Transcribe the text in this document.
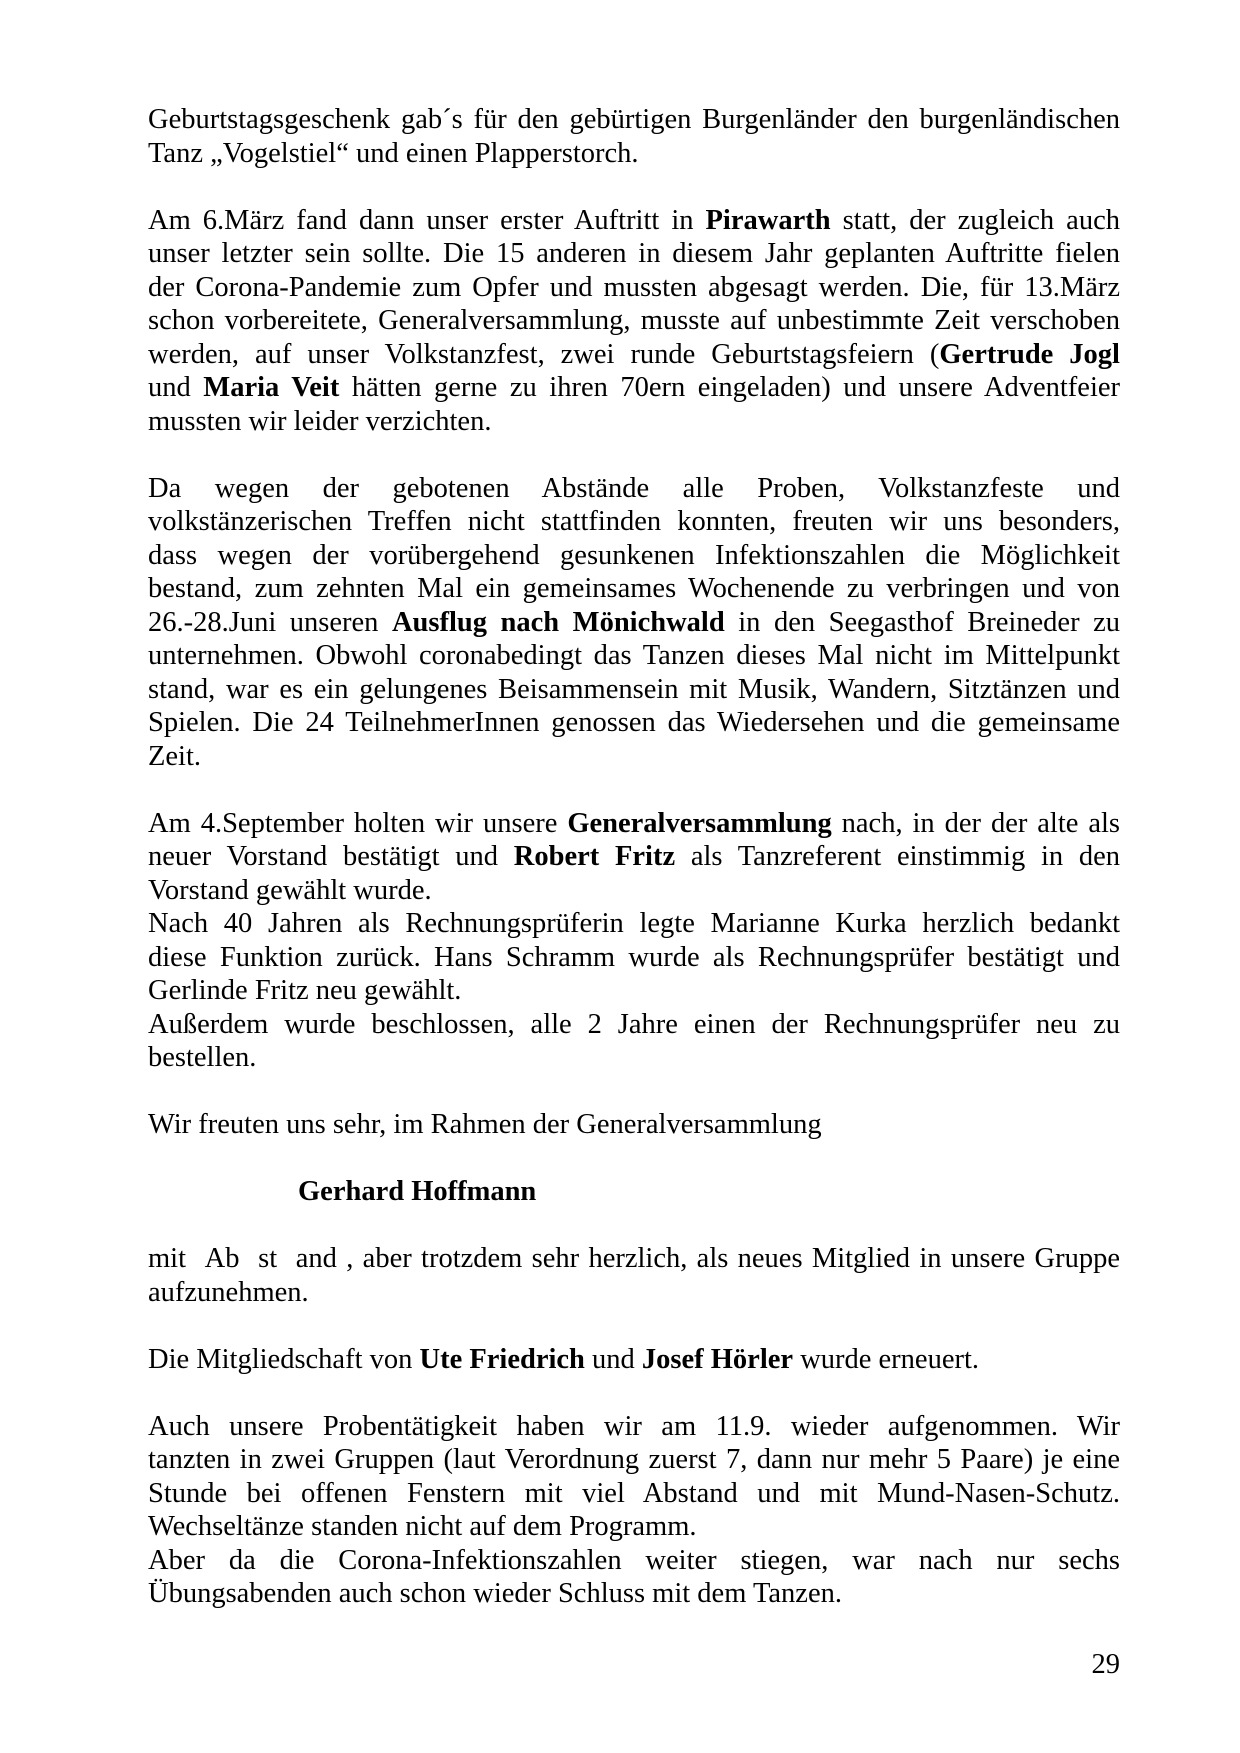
Geburtstagsgeschenk gab´s für den gebürtigen Burgenländer den burgenländischen
Tanz „Vogelstiel“ und einen Plapperstorch.
Am 6.März fand dann unser erster Auftritt in Pirawarth statt, der zugleich auch
unser letzter sein sollte. Die 15 anderen in diesem Jahr geplanten Auftritte fielen
der Corona-Pandemie zum Opfer und mussten abgesagt werden. Die, für 13.März
schon vorbereitete, Generalversammlung, musste auf unbestimmte Zeit verschoben
werden, auf unser Volkstanzfest, zwei runde Geburtstagsfeiern (Gertrude Jogl
und Maria Veit hätten gerne zu ihren 70ern eingeladen) und unsere Adventfeier
mussten wir leider verzichten.
Da wegen der gebotenen Abstände alle Proben, Volkstanzfeste und
volkstänzerischen Treffen nicht stattfinden konnten, freuten wir uns besonders,
dass wegen der vorübergehend gesunkenen Infektionszahlen die Möglichkeit
bestand, zum zehnten Mal ein gemeinsames Wochenende zu verbringen und von
26.-28.Juni unseren Ausflug nach Mönichwald in den Seegasthof Breineder zu
unternehmen. Obwohl coronabedingt das Tanzen dieses Mal nicht im Mittelpunkt
stand, war es ein gelungenes Beisammensein mit Musik, Wandern, Sitztänzen und
Spielen. Die 24 TeilnehmerInnen genossen das Wiedersehen und die gemeinsame
Zeit.
Am 4.September holten wir unsere Generalversammlung nach, in der der alte als
neuer Vorstand bestätigt und Robert Fritz als Tanzreferent einstimmig in den
Vorstand gewählt wurde.
Nach 40 Jahren als Rechnungsprüferin legte Marianne Kurka herzlich bedankt
diese Funktion zurück. Hans Schramm wurde als Rechnungsprüfer bestätigt und
Gerlinde Fritz neu gewählt.
Außerdem wurde beschlossen, alle 2 Jahre einen der Rechnungsprüfer neu zu
bestellen.
Wir freuten uns sehr, im Rahmen der Generalversammlung
Gerhard Hoffmann
mit  Ab  st  and , aber trotzdem sehr herzlich, als neues Mitglied in unsere Gruppe
aufzunehmen.
Die Mitgliedschaft von Ute Friedrich und Josef Hörler wurde erneuert.
Auch unsere Probentätigkeit haben wir am 11.9. wieder aufgenommen. Wir
tanzten in zwei Gruppen (laut Verordnung zuerst 7, dann nur mehr 5 Paare) je eine
Stunde bei offenen Fenstern mit viel Abstand und mit Mund-Nasen-Schutz.
Wechseltänze standen nicht auf dem Programm.
Aber da die Corona-Infektionszahlen weiter stiegen, war nach nur sechs
Übungsabenden auch schon wieder Schluss mit dem Tanzen.
29
